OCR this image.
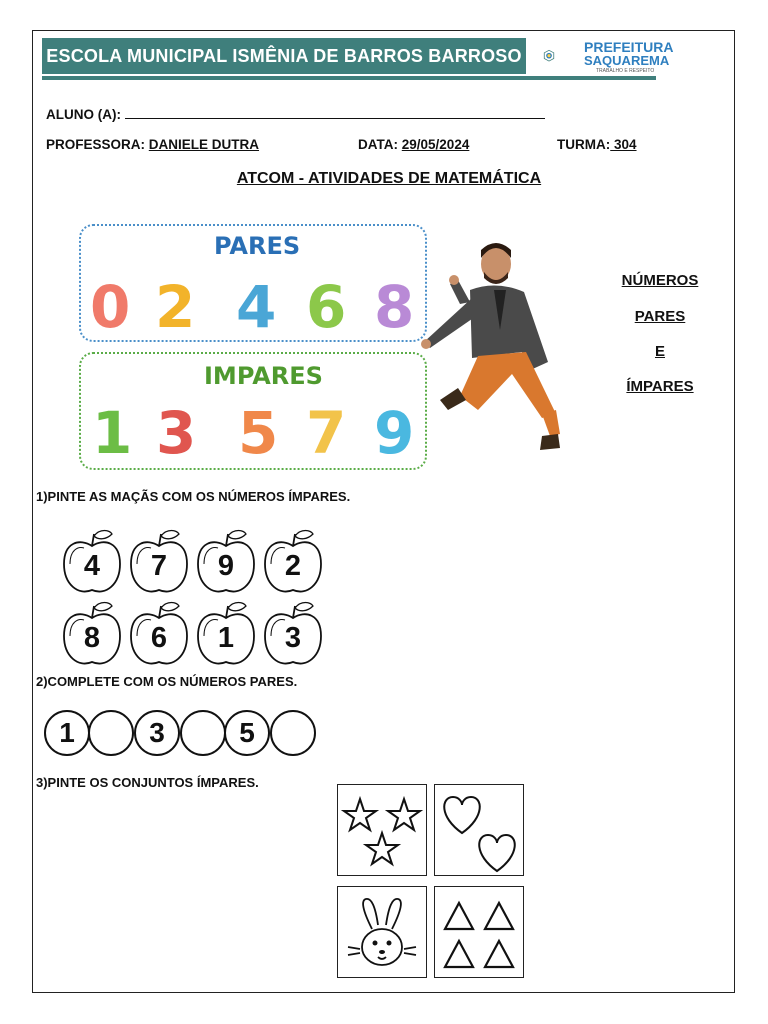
ESCOLA MUNICIPAL ISMÊNIA DE BARROS BARROSO	PREFEITURA
SAQUAREMA
TRABALHO E RESPEITO
ALUNO (A):
PROFESSORA: DANIELE DUTRA	DATA: 29/05/2024	TURMA: 304
ATCOM - ATIVIDADES DE MATEMÁTICA
PARES
0 2 4 6 8
IMPARES
1 3 5 7 9
NÚMEROS
PARES
E
ÍMPARES
1)PINTE AS MAÇÃS COM OS NÚMEROS ÍMPARES.
4	7	9	2
8	6	1	3
2)COMPLETE COM OS NÚMEROS PARES.
1	3	5
3)PINTE OS CONJUNTOS ÍMPARES.
